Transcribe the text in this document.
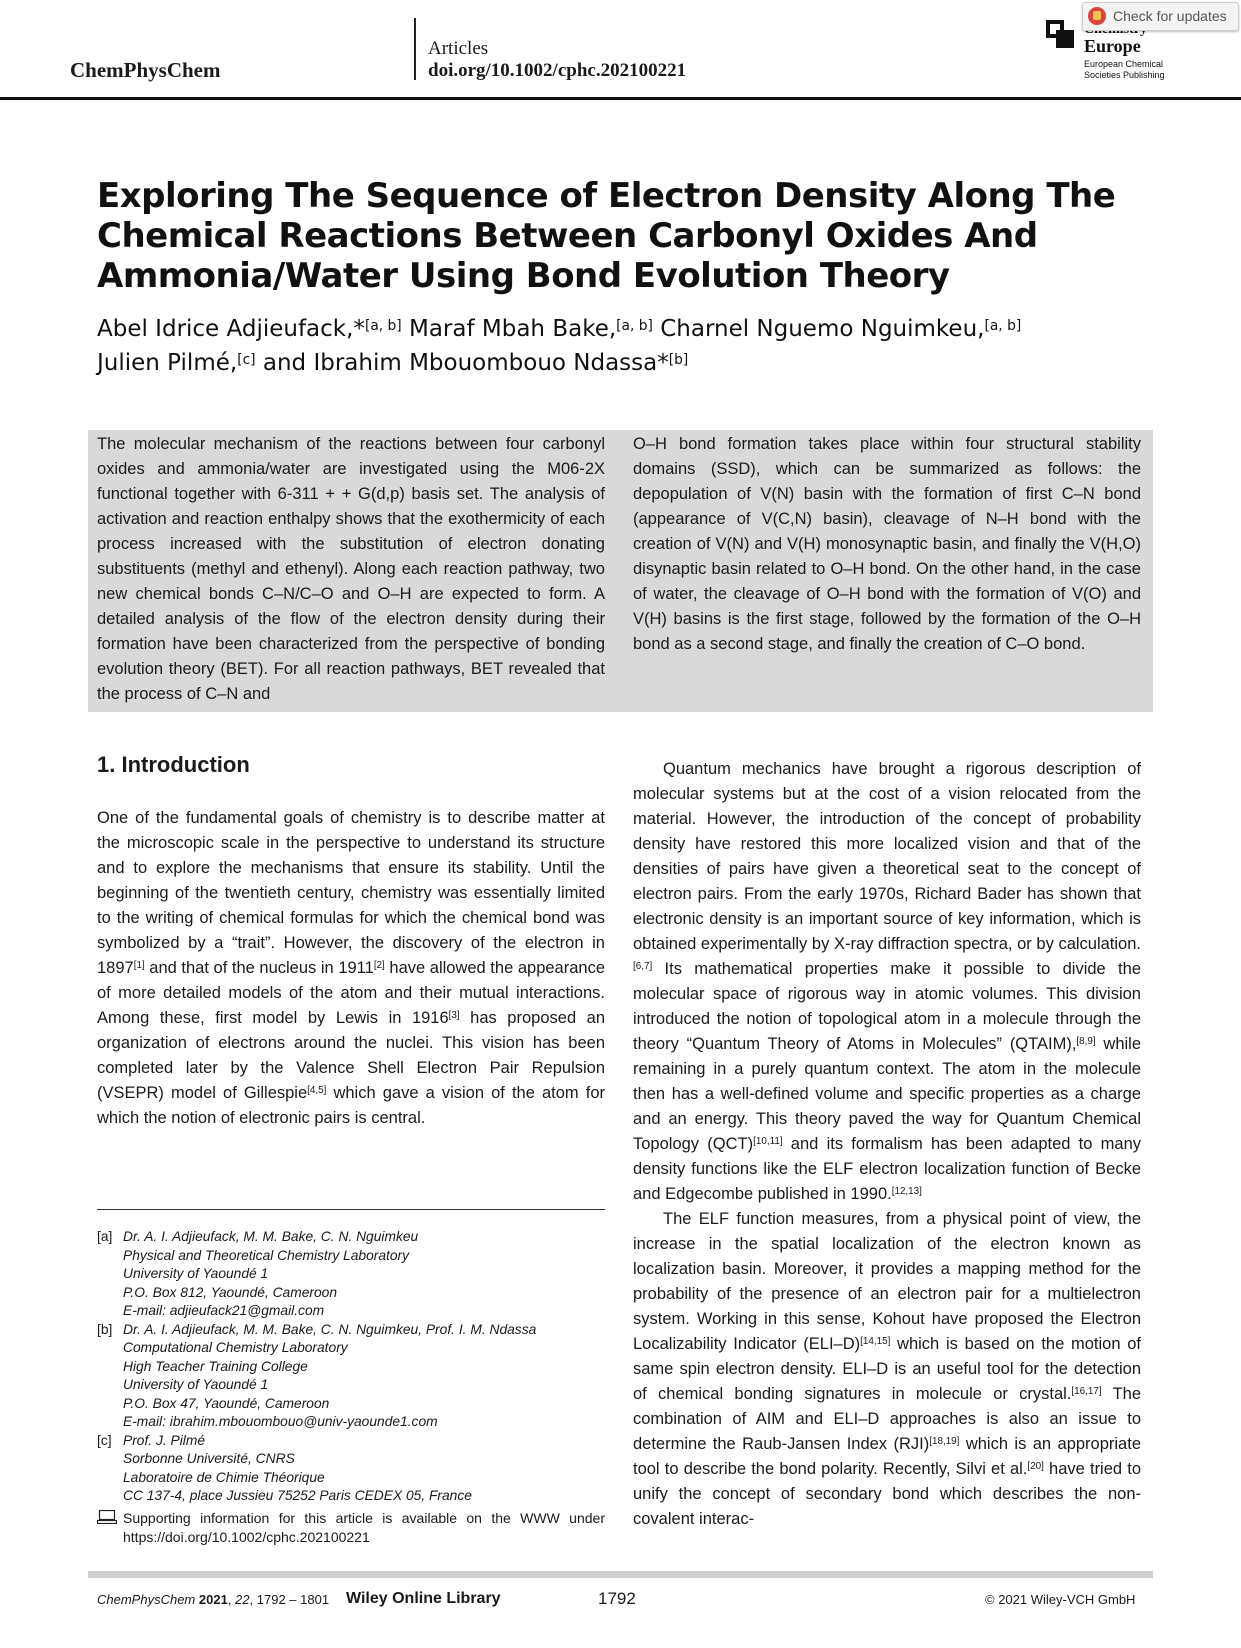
ChemPhysChem
Articles
doi.org/10.1002/cphc.202100221
Europe
European Chemical
Societies Publishing
Check for updates
Exploring The Sequence of Electron Density Along The
Chemical Reactions Between Carbonyl Oxides And
Ammonia/Water Using Bond Evolution Theory
Abel Idrice Adjieufack,*[a, b] Maraf Mbah Bake,[a, b] Charnel Nguemo Nguimkeu,[a, b]
Julien Pilmé,[c] and Ibrahim Mbouombouo Ndassa*[b]
The molecular mechanism of the reactions between four carbonyl oxides and ammonia/water are investigated using the M06-2X functional together with 6-311 + + G(d,p) basis set. The analysis of activation and reaction enthalpy shows that the exothermicity of each process increased with the substitution of electron donating substituents (methyl and ethenyl). Along each reaction pathway, two new chemical bonds C–N/C–O and O–H are expected to form. A detailed analysis of the flow of the electron density during their formation have been characterized from the perspective of bonding evolution theory (BET). For all reaction pathways, BET revealed that the process of C–N and
O–H bond formation takes place within four structural stability domains (SSD), which can be summarized as follows: the depopulation of V(N) basin with the formation of first C–N bond (appearance of V(C,N) basin), cleavage of N–H bond with the creation of V(N) and V(H) monosynaptic basin, and finally the V(H,O) disynaptic basin related to O–H bond. On the other hand, in the case of water, the cleavage of O–H bond with the formation of V(O) and V(H) basins is the first stage, followed by the formation of the O–H bond as a second stage, and finally the creation of C–O bond.
1. Introduction

One of the fundamental goals of chemistry is to describe matter at the microscopic scale in the perspective to understand its structure and to explore the mechanisms that ensure its stability. Until the beginning of the twentieth century, chemistry was essentially limited to the writing of chemical formulas for which the chemical bond was symbolized by a “trait”. However, the discovery of the electron in 1897[1] and that of the nucleus in 1911[2] have allowed the appearance of more detailed models of the atom and their mutual interactions. Among these, first model by Lewis in 1916[3] has proposed an organization of electrons around the nuclei. This vision has been completed later by the Valence Shell Electron Pair Repulsion (VSEPR) model of Gillespie[4,5] which gave a vision of the atom for which the notion of electronic pairs is central.

Quantum mechanics have brought a rigorous description of molecular systems but at the cost of a vision relocated from the material. However, the introduction of the concept of probability density have restored this more localized vision and that of the densities of pairs have given a theoretical seat to the concept of electron pairs. From the early 1970s, Richard Bader has shown that electronic density is an important source of key information, which is obtained experimentally by X-ray diffraction spectra, or by calculation.[6,7] Its mathematical properties make it possible to divide the molecular space of rigorous way in atomic volumes. This division introduced the notion of topological atom in a molecule through the theory “Quantum Theory of Atoms in Molecules” (QTAIM),[8,9] while remaining in a purely quantum context. The atom in the molecule then has a well-defined volume and specific properties as a charge and an energy. This theory paved the way for Quantum Chemical Topology (QCT)[10,11] and its formalism has been adapted to many density functions like the ELF electron localization function of Becke and Edgecombe published in 1990.[12,13]

The ELF function measures, from a physical point of view, the increase in the spatial localization of the electron known as localization basin. Moreover, it provides a mapping method for the probability of the presence of an electron pair for a multielectron system. Working in this sense, Kohout have proposed the Electron Localizability Indicator (ELI–D)[14,15] which is based on the motion of same spin electron density. ELI–D is an useful tool for the detection of chemical bonding signatures in molecule or crystal.[16,17] The combination of AIM and ELI–D approaches is also an issue to determine the Raub-Jansen Index (RJI)[18,19] which is an appropriate tool to describe the bond polarity. Recently, Silvi et al.[20] have tried to unify the concept of secondary bond which describes the non-covalent interac-

[a] Dr. A. I. Adjieufack, M. M. Bake, C. N. Nguimkeu
Physical and Theoretical Chemistry Laboratory
University of Yaoundé 1
P.O. Box 812, Yaoundé, Cameroon
E-mail: adjieufack21@gmail.com
[b] Dr. A. I. Adjieufack, M. M. Bake, C. N. Nguimkeu, Prof. I. M. Ndassa
Computational Chemistry Laboratory
High Teacher Training College
University of Yaoundé 1
P.O. Box 47, Yaoundé, Cameroon
E-mail: ibrahim.mbouombouo@univ-yaounde1.com
[c] Prof. J. Pilmé
Sorbonne Université, CNRS
Laboratoire de Chimie Théorique
CC 137-4, place Jussieu 75252 Paris CEDEX 05, France
Supporting information for this article is available on the WWW under https://doi.org/10.1002/cphc.202100221
ChemPhysChem 2021, 22, 1792 – 1801 Wiley Online Library	1792	© 2021 Wiley-VCH GmbH
